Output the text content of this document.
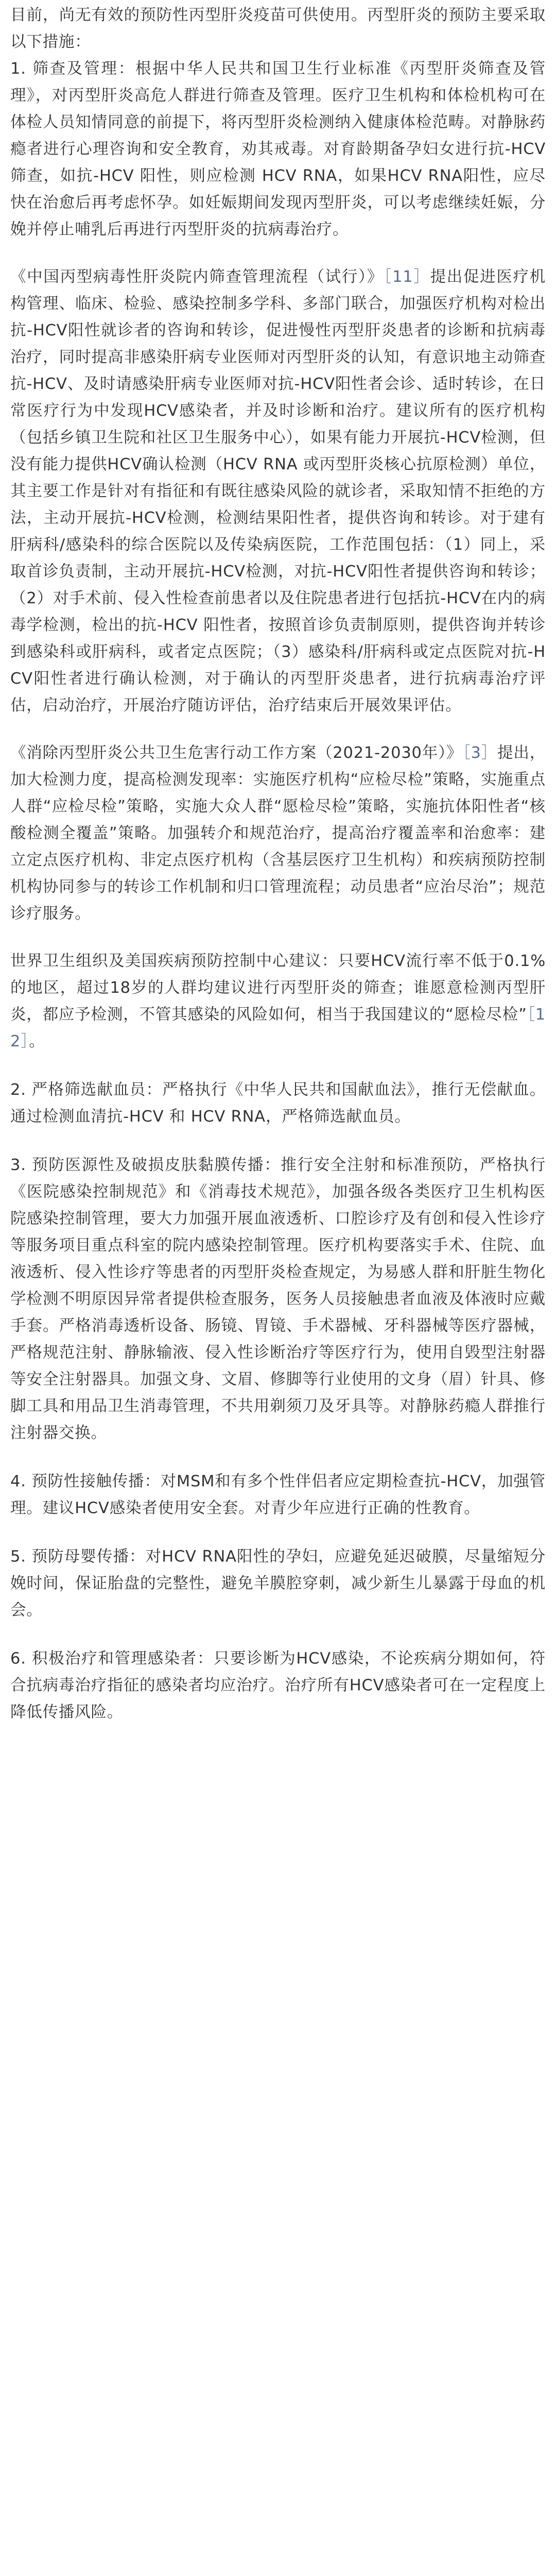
目前，尚无有效的预防性丙型肝炎疫苗可供使用。丙型肝炎的预防主要采取以下措施：

1. 筛查及管理：根据中华人民共和国卫生行业标准《丙型肝炎筛查及管理》，对丙型肝炎高危人群进行筛查及管理。医疗卫生机构和体检机构可在体检人员知情同意的前提下，将丙型肝炎检测纳入健康体检范畴。对静脉药瘾者进行心理咨询和安全教育，劝其戒毒。对育龄期备孕妇女进行抗-HCV 筛查，如抗-HCV 阳性，则应检测 HCV RNA，如果HCV RNA阳性，应尽快在治愈后再考虑怀孕。如妊娠期间发现丙型肝炎，可以考虑继续妊娠，分娩并停止哺乳后再进行丙型肝炎的抗病毒治疗。

《中国丙型病毒性肝炎院内筛查管理流程（试行）》［11］提出促进医疗机构管理、临床、检验、感染控制多学科、多部门联合，加强医疗机构对检出抗-HCV阳性就诊者的咨询和转诊，促进慢性丙型肝炎患者的诊断和抗病毒治疗，同时提高非感染肝病专业医师对丙型肝炎的认知，有意识地主动筛查抗-HCV、及时请感染肝病专业医师对抗-HCV阳性者会诊、适时转诊，在日常医疗行为中发现HCV感染者，并及时诊断和治疗。建议所有的医疗机构（包括乡镇卫生院和社区卫生服务中心），如果有能力开展抗-HCV检测，但没有能力提供HCV确认检测（HCV RNA 或丙型肝炎核心抗原检测）单位，其主要工作是针对有指征和有既往感染风险的就诊者，采取知情不拒绝的方法，主动开展抗-HCV检测，检测结果阳性者，提供咨询和转诊。对于建有肝病科/感染科的综合医院以及传染病医院，工作范围包括：（1）同上，采取首诊负责制，主动开展抗-HCV检测，对抗-HCV阳性者提供咨询和转诊；（2）对手术前、侵入性检查前患者以及住院患者进行包括抗-HCV在内的病毒学检测，检出的抗-HCV 阳性者，按照首诊负责制原则，提供咨询并转诊到感染科或肝病科，或者定点医院；（3）感染科/肝病科或定点医院对抗-HCV阳性者进行确认检测，对于确认的丙型肝炎患者，进行抗病毒治疗评估，启动治疗，开展治疗随访评估，治疗结束后开展效果评估。

《消除丙型肝炎公共卫生危害行动工作方案（2021-2030年）》［3］提出，加大检测力度，提高检测发现率：实施医疗机构“应检尽检”策略，实施重点人群“应检尽检”策略，实施大众人群“愿检尽检”策略，实施抗体阳性者“核酸检测全覆盖”策略。加强转介和规范治疗，提高治疗覆盖率和治愈率：建立定点医疗机构、非定点医疗机构（含基层医疗卫生机构）和疾病预防控制机构协同参与的转诊工作机制和归口管理流程；动员患者“应治尽治”；规范诊疗服务。

世界卫生组织及美国疾病预防控制中心建议：只要HCV流行率不低于0.1%的地区，超过18岁的人群均建议进行丙型肝炎的筛查；谁愿意检测丙型肝炎，都应予检测，不管其感染的风险如何，相当于我国建议的“愿检尽检”［12］。

2. 严格筛选献血员：严格执行《中华人民共和国献血法》，推行无偿献血。通过检测血清抗-HCV 和 HCV RNA，严格筛选献血员。

3. 预防医源性及破损皮肤黏膜传播：推行安全注射和标准预防，严格执行《医院感染控制规范》和《消毒技术规范》，加强各级各类医疗卫生机构医院感染控制管理，要大力加强开展血液透析、口腔诊疗及有创和侵入性诊疗等服务项目重点科室的院内感染控制管理。医疗机构要落实手术、住院、血液透析、侵入性诊疗等患者的丙型肝炎检查规定，为易感人群和肝脏生物化学检测不明原因异常者提供检查服务，医务人员接触患者血液及体液时应戴手套。严格消毒透析设备、肠镜、胃镜、手术器械、牙科器械等医疗器械，严格规范注射、静脉输液、侵入性诊断治疗等医疗行为，使用自毁型注射器等安全注射器具。加强文身、文眉、修脚等行业使用的文身（眉）针具、修脚工具和用品卫生消毒管理，不共用剃须刀及牙具等。对静脉药瘾人群推行注射器交换。

4. 预防性接触传播：对MSM和有多个性伴侣者应定期检查抗-HCV，加强管理。建议HCV感染者使用安全套。对青少年应进行正确的性教育。

5. 预防母婴传播：对HCV RNA阳性的孕妇，应避免延迟破膜，尽量缩短分娩时间，保证胎盘的完整性，避免羊膜腔穿刺，减少新生儿暴露于母血的机会。

6. 积极治疗和管理感染者：只要诊断为HCV感染，不论疾病分期如何，符合抗病毒治疗指征的感染者均应治疗。治疗所有HCV感染者可在一定程度上降低传播风险。
